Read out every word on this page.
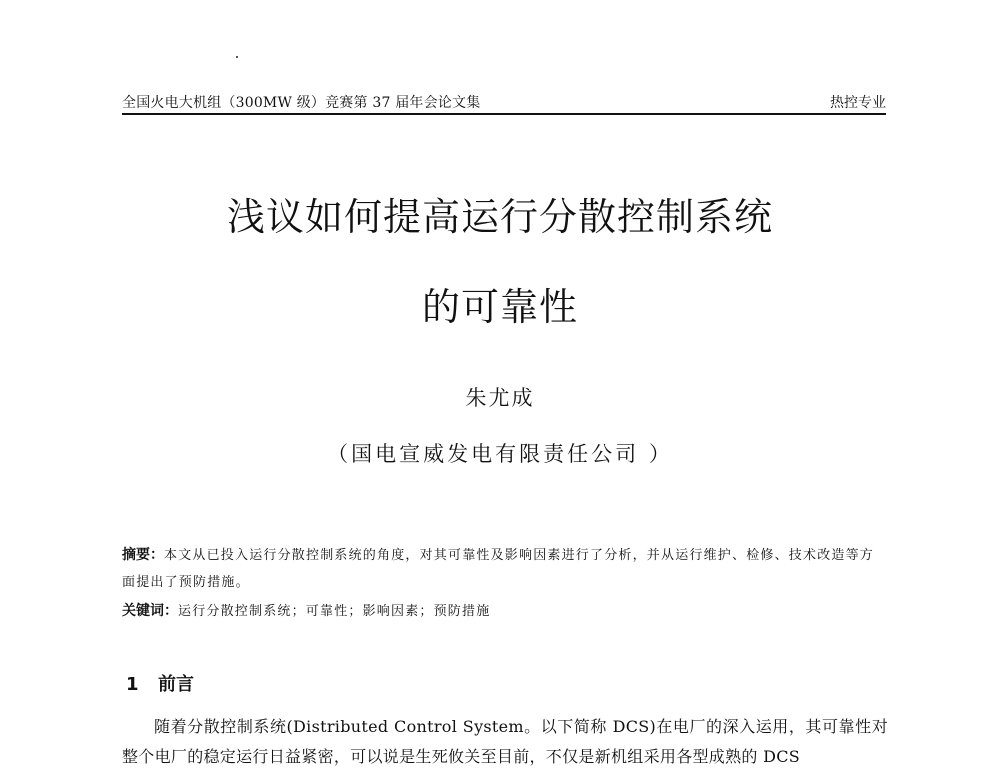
全国火电大机组（300MW 级）竞赛第 37 届年会论文集	热控专业
浅议如何提高运行分散控制系统
的可靠性
朱尤成
（国电宣威发电有限责任公司 ）
摘要：本文从已投入运行分散控制系统的角度，对其可靠性及影响因素进行了分析，并从运行维护、检修、技术改造等方面提出了预防措施。
关键词：运行分散控制系统；可靠性；影响因素；预防措施
1 前言
随着分散控制系统(Distributed Control System。以下简称 DCS)在电厂的深入运用，其可靠性对整个电厂的稳定运行日益紧密，可以说是生死攸关至目前，不仅是新机组采用各型成熟的 DCS
